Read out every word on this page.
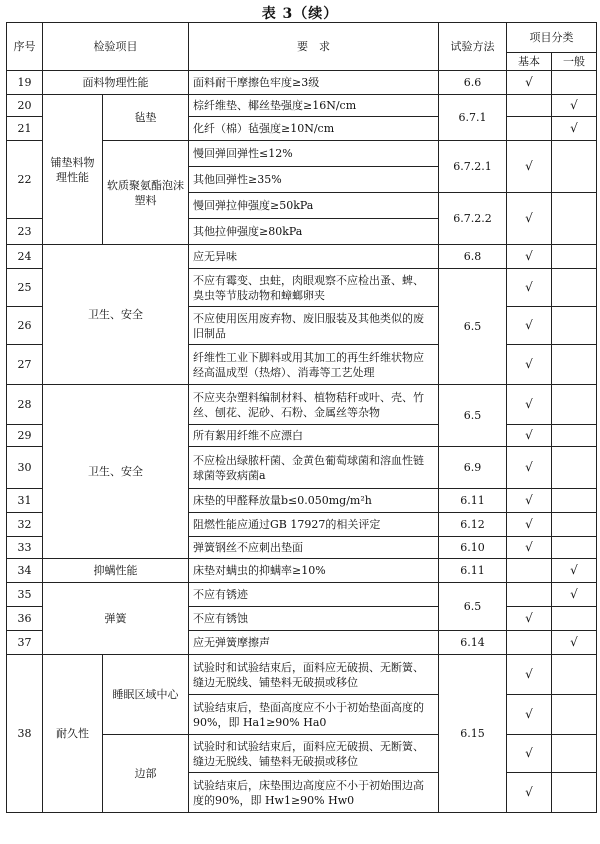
表 3（续）
序号	检验项目		要　求	试验方法	项目分类	
					基本	一般
19	面料物理性能		面料耐干摩擦色牢度≥3级	6.6	√	
20	铺垫料物理性能	毡垫	棕纤维垫、椰丝垫强度≥16N/cm	6.7.1		√
21			化纤（棉）毡强度≥10N/cm			√
22		软质聚氨酯泡沫塑料	慢回弹回弹性≤12%	6.7.2.1	√	
			其他回弹性≥35%			
			慢回弹拉伸强度≥50kPa	6.7.2.2	√	
23			其他拉伸强度≥80kPa			
24	卫生、安全		应无异味	6.8	√	
25			不应有霉变、虫蛀，肉眼观察不应检出蚤、蜱、臭虫等节肢动物和蟑螂卵夹	6.5	√	
26			不应使用医用废弃物、废旧服装及其他类似的废旧制品		√	
27			纤维性工业下脚料或用其加工的再生纤维状物应经高温成型（热熔）、消毒等工艺处理		√	
28	卫生、安全		不应夹杂塑料编制材料、植物秸秆或叶、壳、竹丝、刨花、泥砂、石粉、金属丝等杂物	6.5	√	
29			所有絮用纤维不应漂白		√	
30			不应检出绿脓杆菌、金黄色葡萄球菌和溶血性链球菌等致病菌a	6.9	√	
31			床垫的甲醛释放量b≤0.050mg/m²h	6.11	√	
32			阻燃性能应通过GB 17927的相关评定	6.12	√	
33			弹簧钢丝不应刺出垫面	6.10	√	
34	抑螨性能		床垫对螨虫的抑螨率≥10%	6.11		√
35	弹簧		不应有锈迹	6.5		√
36			不应有锈蚀		√	
37			应无弹簧摩擦声	6.14		√
38	耐久性	睡眠区域中心	试验时和试验结束后，面料应无破损、无断簧、缝边无脱线、铺垫料无破损或移位	6.15	√	
			试验结束后，垫面高度应不小于初始垫面高度的90%，即 Ha1≥90% Ha0		√	
		边部	试验时和试验结束后，面料应无破损、无断簧、缝边无脱线、铺垫料无破损或移位		√	
			试验结束后，床垫围边高度应不小于初始围边高度的90%，即 Hw1≥90% Hw0		√	
